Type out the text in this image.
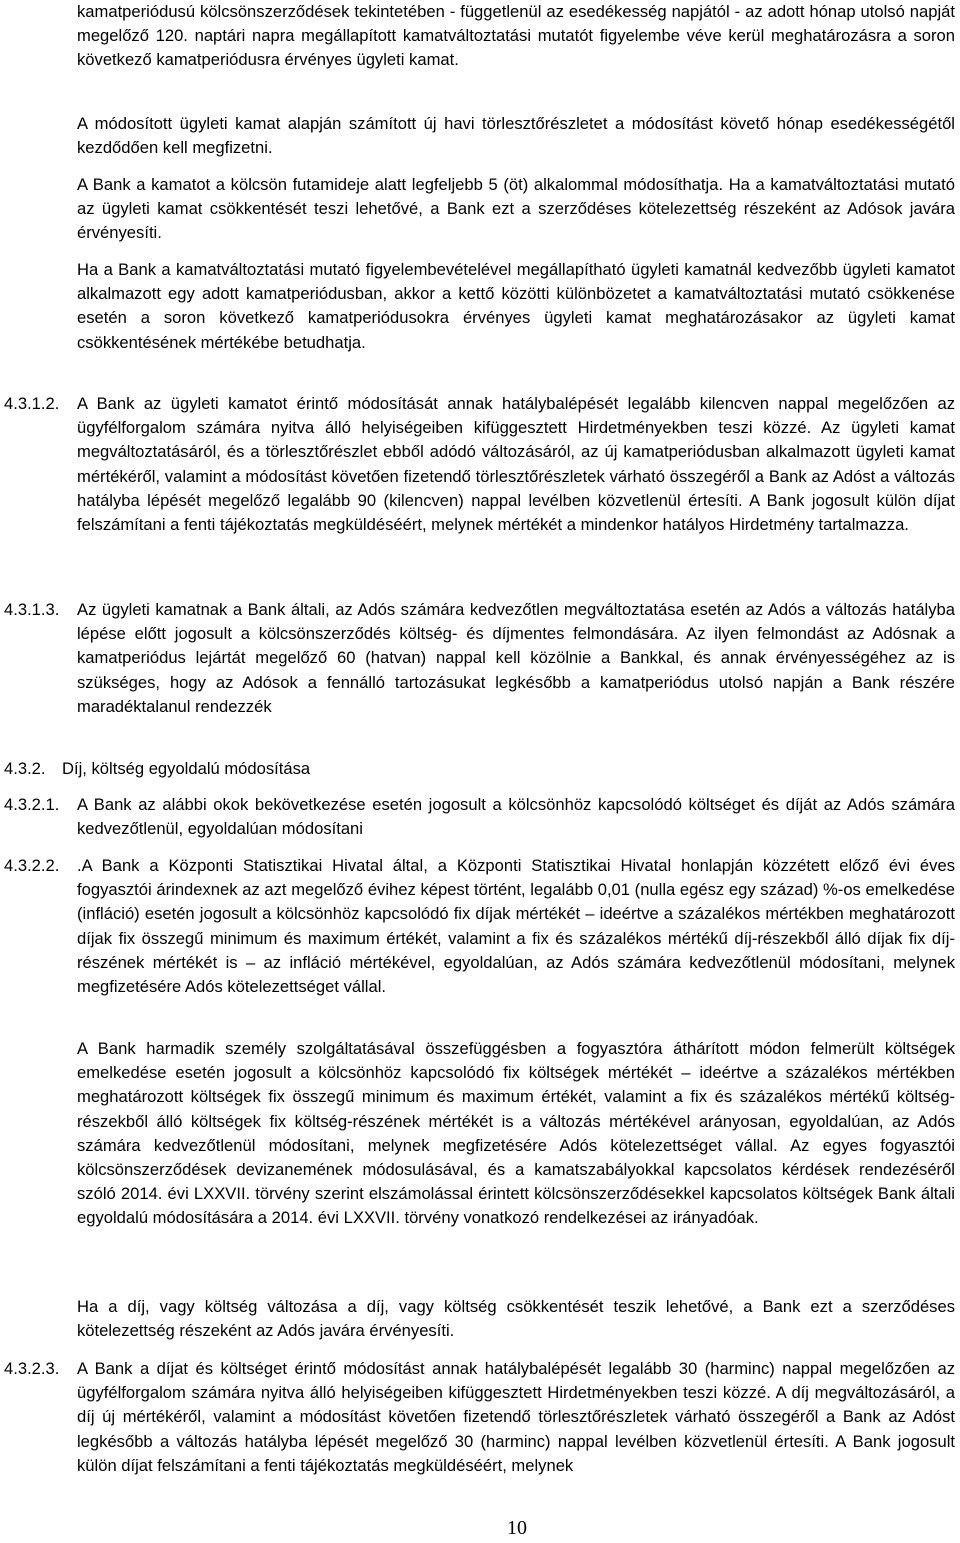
kamatperiódusú kölcsönszerződések tekintetében - függetlenül az esedékesség napjától - az adott hónap utolsó napját megelőző 120. naptári napra megállapított kamatváltoztatási mutatót figyelembe véve kerül meghatározásra a soron következő kamatperiódusra érvényes ügyleti kamat.

A módosított ügyleti kamat alapján számított új havi törlesztőrészletet a módosítást követő hónap esedékességétől kezdődően kell megfizetni.

A Bank a kamatot a kölcsön futamideje alatt legfeljebb 5 (öt) alkalommal módosíthatja. Ha a kamatváltoztatási mutató az ügyleti kamat csökkentését teszi lehetővé, a Bank ezt a szerződéses kötelezettség részeként az Adósok javára érvényesíti.

Ha a Bank a kamatváltoztatási mutató figyelembevételével megállapítható ügyleti kamatnál kedvezőbb ügyleti kamatot alkalmazott egy adott kamatperiódusban, akkor a kettő közötti különbözetet a kamatváltoztatási mutató csökkenése esetén a soron következő kamatperiódusokra érvényes ügyleti kamat meghatározásakor az ügyleti kamat csökkentésének mértékébe betudhatja.

4.3.1.2. A Bank az ügyleti kamatot érintő módosítását annak hatálybalépését legalább kilencven nappal megelőzően az ügyfélforgalom számára nyitva álló helyiségeiben kifüggesztett Hirdetményekben teszi közzé. Az ügyleti kamat megváltoztatásáról, és a törlesztőrészlet ebből adódó változásáról, az új kamatperiódusban alkalmazott ügyleti kamat mértékéről, valamint a módosítást követően fizetendő törlesztőrészletek várható összegéről a Bank az Adóst a változás hatályba lépését megelőző legalább 90 (kilencven) nappal levélben közvetlenül értesíti. A Bank jogosult külön díjat felszámítani a fenti tájékoztatás megküldéséért, melynek mértékét a mindenkor hatályos Hirdetmény tartalmazza.

4.3.1.3. Az ügyleti kamatnak a Bank általi, az Adós számára kedvezőtlen megváltoztatása esetén az Adós a változás hatályba lépése előtt jogosult a kölcsönszerződés költség- és díjmentes felmondására. Az ilyen felmondást az Adósnak a kamatperiódus lejártát megelőző 60 (hatvan) nappal kell közölnie a Bankkal, és annak érvényességéhez az is szükséges, hogy az Adósok a fennálló tartozásukat legkésőbb a kamatperiódus utolsó napján a Bank részére maradéktalanul rendezzék

4.3.2. Díj, költség egyoldalú módosítása

4.3.2.1. A Bank az alábbi okok bekövetkezése esetén jogosult a kölcsönhöz kapcsolódó költséget és díját az Adós számára kedvezőtlenül, egyoldalúan módosítani

4.3.2.2. .A Bank a Központi Statisztikai Hivatal által, a Központi Statisztikai Hivatal honlapján közzétett előző évi éves fogyasztói árindexnek az azt megelőző évihez képest történt, legalább 0,01 (nulla egész egy század) %-os emelkedése (infláció) esetén jogosult a kölcsönhöz kapcsolódó fix díjak mértékét – ideértve a százalékos mértékben meghatározott díjak fix összegű minimum és maximum értékét, valamint a fix és százalékos mértékű díj-részekből álló díjak fix díj-részének mértékét is – az infláció mértékével, egyoldalúan, az Adós számára kedvezőtlenül módosítani, melynek megfizetésére Adós kötelezettséget vállal.

A Bank harmadik személy szolgáltatásával összefüggésben a fogyasztóra áthárított módon felmerült költségek emelkedése esetén jogosult a kölcsönhöz kapcsolódó fix költségek mértékét – ideértve a százalékos mértékben meghatározott költségek fix összegű minimum és maximum értékét, valamint a fix és százalékos mértékű költség-részekből álló költségek fix költség-részének mértékét is a változás mértékével arányosan, egyoldalúan, az Adós számára kedvezőtlenül módosítani, melynek megfizetésére Adós kötelezettséget vállal. Az egyes fogyasztói kölcsönszerződések devizanemének módosulásával, és a kamatszabályokkal kapcsolatos kérdések rendezéséről szóló 2014. évi LXXVII. törvény szerint elszámolással érintett kölcsönszerződésekkel kapcsolatos költségek Bank általi egyoldalú módosítására a 2014. évi LXXVII. törvény vonatkozó rendelkezései az irányadóak.

Ha a díj, vagy költség változása a díj, vagy költség csökkentését teszik lehetővé, a Bank ezt a szerződéses kötelezettség részeként az Adós javára érvényesíti.

4.3.2.3. A Bank a díjat és költséget érintő módosítást annak hatálybalépését legalább 30 (harminc) nappal megelőzően az ügyfélforgalom számára nyitva álló helyiségeiben kifüggesztett Hirdetményekben teszi közzé. A díj megváltozásáról, a díj új mértékéről, valamint a módosítást követően fizetendő törlesztőrészletek várható összegéről a Bank az Adóst legkésőbb a változás hatályba lépését megelőző 30 (harminc) nappal levélben közvetlenül értesíti. A Bank jogosult külön díjat felszámítani a fenti tájékoztatás megküldéséért, melynek

10
